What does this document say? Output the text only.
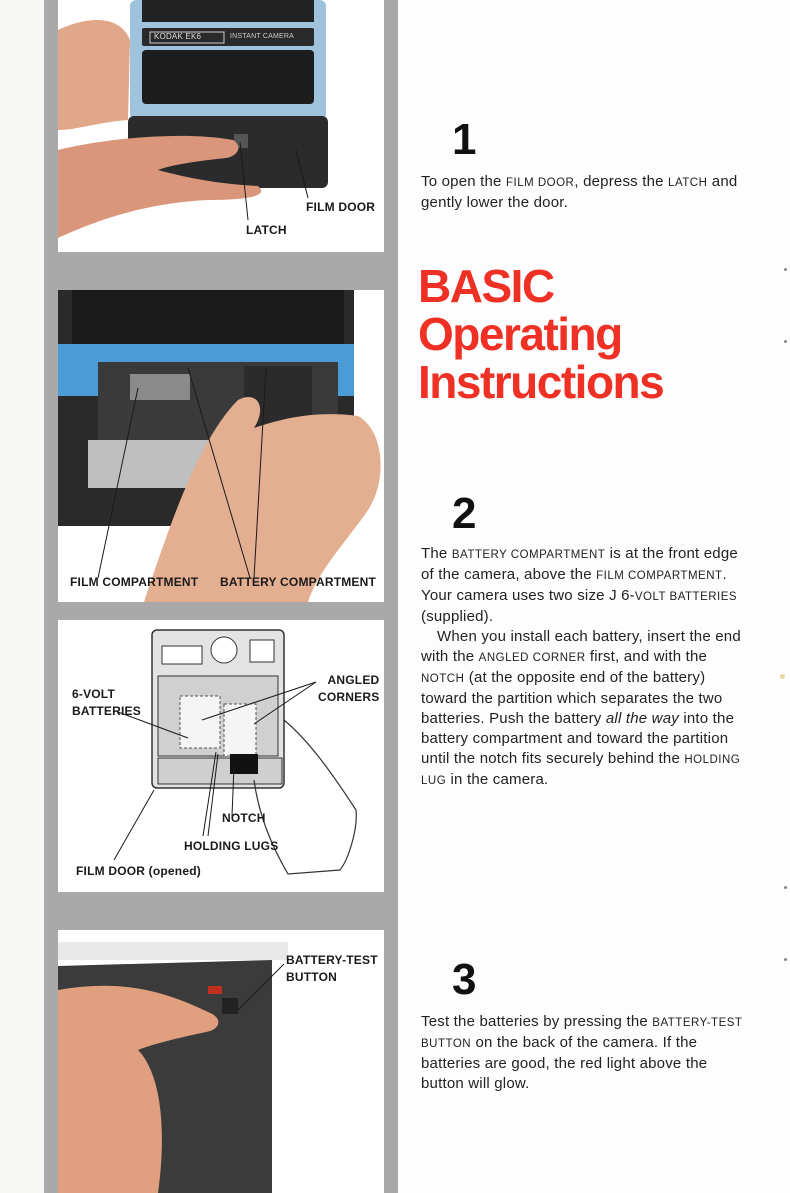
FILM DOOR
LATCH
KODAK EK6	INSTANT CAMERA
FILM COMPARTMENT BATTERY COMPARTMENT
ANGLED
CORNERS
6-VOLT
BATTERIES
NOTCH
HOLDING LUGS
FILM DOOR (opened)
BATTERY-TEST
BUTTON
1

To open the FILM DOOR, depress the LATCH and gently lower the door.

BASIC
Operating
Instructions
2

The BATTERY COMPARTMENT is at the front edge of the camera, above the FILM COMPARTMENT. Your camera uses two size J 6-VOLT BATTERIES (supplied).

When you install each battery, insert the end with the ANGLED CORNER first, and with the NOTCH (at the opposite end of the battery) toward the partition which separates the two batteries. Push the battery all the way into the battery compartment and toward the partition until the notch fits securely behind the HOLDING LUG in the camera.

3

Test the batteries by pressing the BATTERY-TEST BUTTON on the back of the camera. If the batteries are good, the red light above the button will glow.
